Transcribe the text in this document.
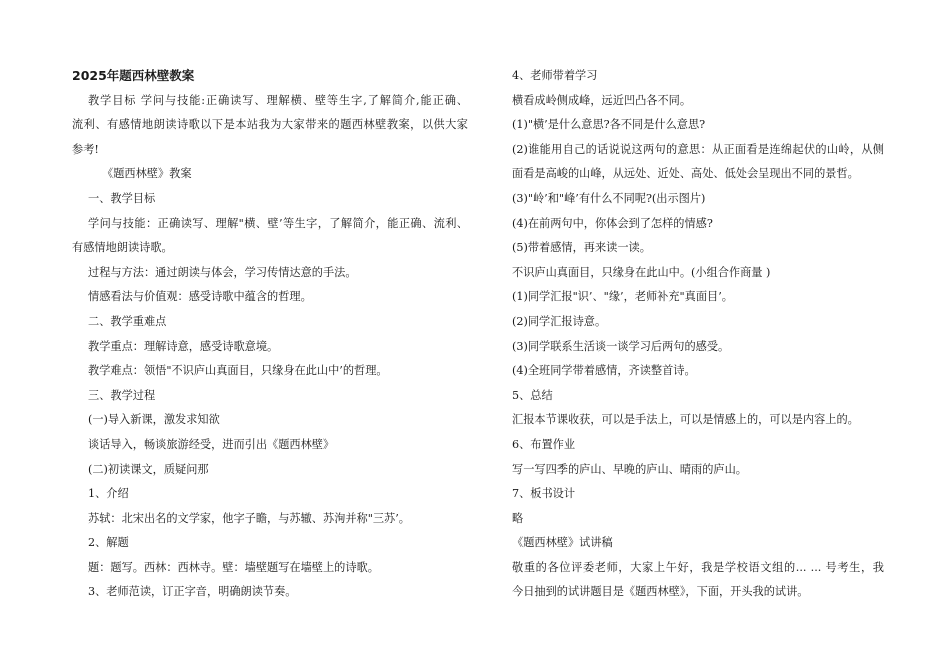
2025年题西林壁教案
教学目标 学问与技能:正确读写、理解横、壁等生字,了解简介,能正确、
流利、有感情地朗读诗歌以下是本站我为大家带来的题西林壁教案，以供大家
参考!
《题西林壁》教案
一、教学目标
学问与技能：正确读写、理解"横、壁’等生字，了解简介，能正确、流利、
有感情地朗读诗歌。
过程与方法：通过朗读与体会，学习传情达意的手法。
情感看法与价值观：感受诗歌中蕴含的哲理。
二、教学重难点
教学重点：理解诗意，感受诗歌意境。
教学难点：领悟"不识庐山真面目，只缘身在此山中’的哲理。
三、教学过程
(一)导入新课，激发求知欲
谈话导入，畅谈旅游经受，进而引出《题西林壁》
(二)初读课文，质疑问那
1、介绍
苏轼：北宋出名的文学家，他字子瞻，与苏辙、苏洵并称"三苏’。
2、解题
题：题写。西林：西林寺。壁：墙壁题写在墙壁上的诗歌。
3、老师范读，订正字音，明确朗读节奏。
4、老师带着学习
横看成岭侧成峰，远近凹凸各不同。
(1)"横’是什么意思?各不同是什么意思?
(2)谁能用自己的话说说这两句的意思：从正面看是连绵起伏的山岭，从侧
面看是高峻的山峰，从远处、近处、高处、低处会呈现出不同的景哲。
(3)"岭’和"峰’有什么不同呢?(出示图片)
(4)在前两句中，你体会到了怎样的情感?
(5)带着感情，再来读一读。
不识庐山真面目，只缘身在此山中。(小组合作商量 )
(1)同学汇报"识’、"缘’，老师补充"真面目’。
(2)同学汇报诗意。
(3)同学联系生活谈一谈学习后两句的感受。
(4)全班同学带着感情，齐读整首诗。
5、总结
汇报本节课收获，可以是手法上，可以是情感上的，可以是内容上的。
6、布置作业
写一写四季的庐山、早晚的庐山、晴雨的庐山。
7、板书设计
略
《题西林壁》试讲稿
敬重的各位评委老师，大家上午好，我是学校语文组的... ... 号考生，我
今日抽到的试讲题目是《题西林壁》，下面，开头我的试讲。
